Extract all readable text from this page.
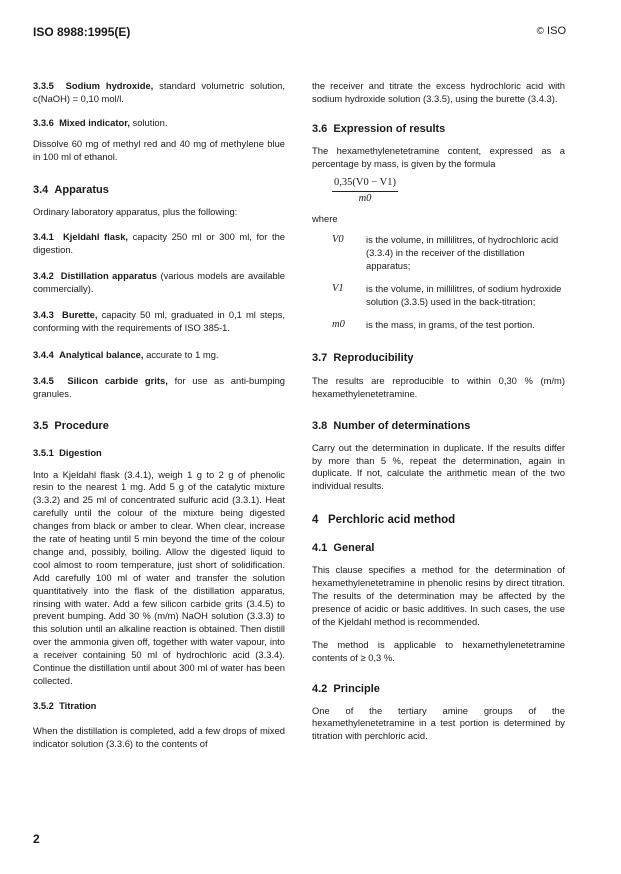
ISO 8988:1995(E)	© ISO

3.3.5 Sodium hydroxide, standard volumetric solution, c(NaOH) = 0,10 mol/l.

3.3.6 Mixed indicator, solution.

Dissolve 60 mg of methyl red and 40 mg of methylene blue in 100 ml of ethanol.

3.4 Apparatus

Ordinary laboratory apparatus, plus the following:

3.4.1 Kjeldahl flask, capacity 250 ml or 300 ml, for the digestion.

3.4.2 Distillation apparatus (various models are available commercially).

3.4.3 Burette, capacity 50 ml, graduated in 0,1 ml steps, conforming with the requirements of ISO 385-1.

3.4.4 Analytical balance, accurate to 1 mg.

3.4.5 Silicon carbide grits, for use as anti-bumping granules.

3.5 Procedure

3.5.1 Digestion

Into a Kjeldahl flask (3.4.1), weigh 1 g to 2 g of phenolic resin to the nearest 1 mg. Add 5 g of the catalytic mixture (3.3.2) and 25 ml of concentrated sulfuric acid (3.3.1). Heat carefully until the colour of the mixture being digested changes from black or amber to clear. When clear, increase the rate of heating until 5 min beyond the time of the colour change and, possibly, boiling. Allow the digested liquid to cool almost to room temperature, just short of solidification. Add carefully 100 ml of water and transfer the solution quantitatively into the flask of the distillation apparatus, rinsing with water. Add a few silicon carbide grits (3.4.5) to prevent bumping. Add 30 % (m/m) NaOH solution (3.3.3) to this solution until an alkaline reaction is obtained. Then distill over the ammonia given off, together with water vapour, into a receiver containing 50 ml of hydrochloric acid (3.3.4). Continue the distillation until about 300 ml of water has been collected.

3.5.2 Titration

When the distillation is completed, add a few drops of mixed indicator solution (3.3.6) to the contents of

the receiver and titrate the excess hydrochloric acid with sodium hydroxide solution (3.3.5), using the burette (3.4.3).

3.6 Expression of results

The hexamethylenetetramine content, expressed as a percentage by mass, is given by the formula

$\frac{0,35(V0 - V1)}{m0}$

where

V0	is the volume, in millilitres, of hydrochloric acid (3.3.4) in the receiver of the distillation apparatus;
V1	is the volume, in millilitres, of sodium hydroxide solution (3.3.5) used in the back-titration;
m0	is the mass, in grams, of the test portion.
3.7 Reproducibility

The results are reproducible to within 0,30 % (m/m) hexamethylenetetramine.

3.8 Number of determinations

Carry out the determination in duplicate. If the results differ by more than 5 %, repeat the determination, again in duplicate. If not, calculate the arithmetic mean of the two individual results.

4 Perchloric acid method
4.1 General

This clause specifies a method for the determination of hexamethylenetetramine in phenolic resins by direct titration. The results of the determination may be affected by the presence of acidic or basic additives. In such cases, the use of the Kjeldahl method is recommended.

The method is applicable to hexamethylenetetramine contents of ≥ 0,3 %.

4.2 Principle

One of the tertiary amine groups of the hexamethylenetetramine in a test portion is determined by titration with perchloric acid.

2
